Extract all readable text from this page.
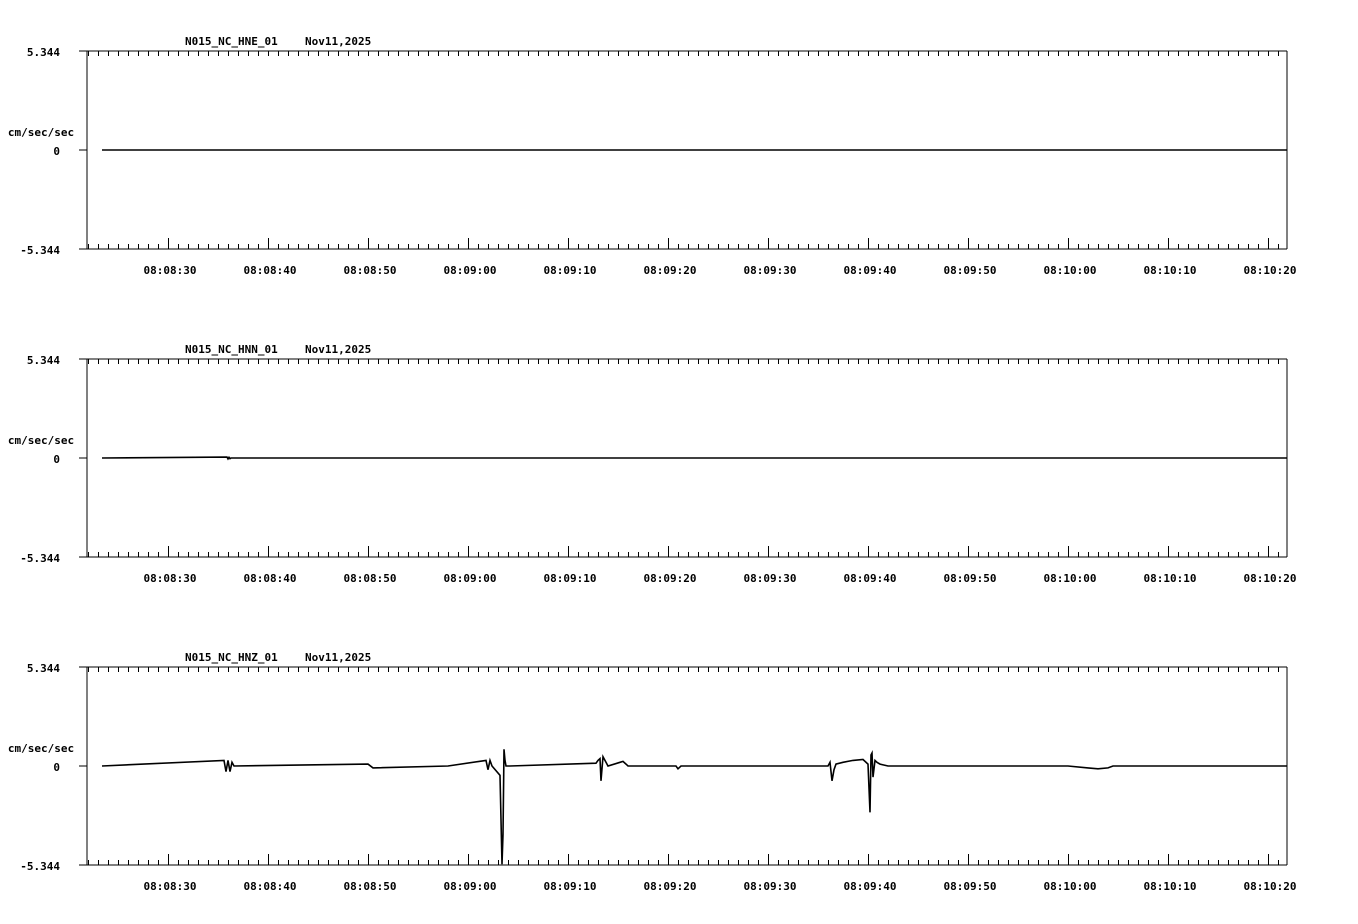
08:08:30	08:08:40	08:08:50	08:09:00	08:09:10	08:09:20	08:09:30	08:09:40	08:09:50	08:10:00	08:10:10	08:10:20
5.344
0
-5.344
cm/sec/sec
N015_NC_HNE_01 Nov11,2025
08:08:30	08:08:40	08:08:50	08:09:00	08:09:10	08:09:20	08:09:30	08:09:40	08:09:50	08:10:00	08:10:10	08:10:20
5.344
0
-5.344
cm/sec/sec
N015_NC_HNN_01 Nov11,2025
08:08:30	08:08:40	08:08:50	08:09:00	08:09:10	08:09:20	08:09:30	08:09:40	08:09:50	08:10:00	08:10:10	08:10:20
5.344
0
-5.344
cm/sec/sec
N015_NC_HNZ_01 Nov11,2025
